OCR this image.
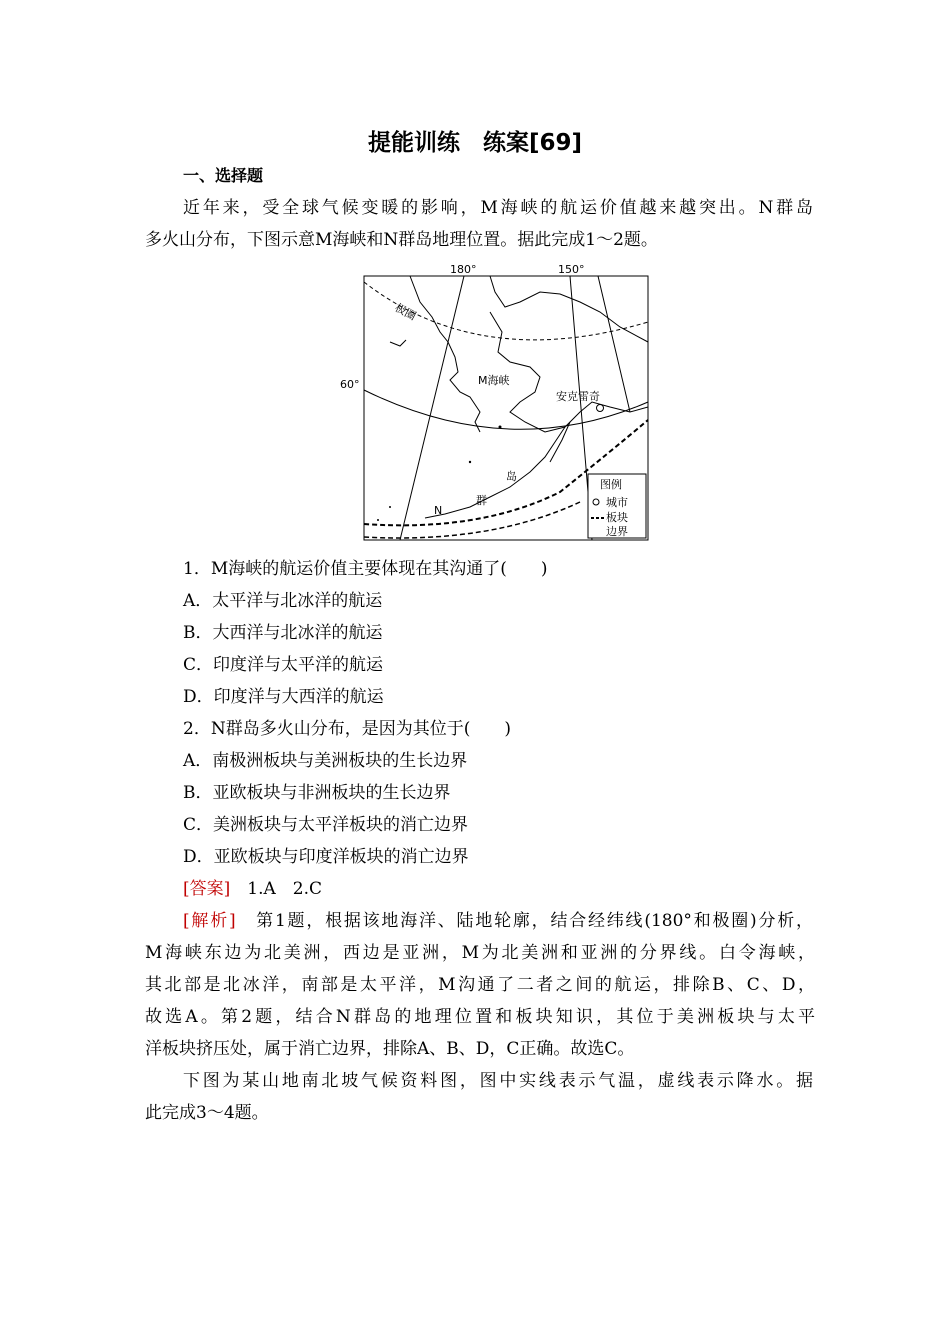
提能训练　练案[69]
一、选择题
近年来，受全球气候变暖的影响，M海峡的航运价值越来越突出。N群岛
多火山分布，下图示意M海峡和N群岛地理位置。据此完成1～2题。
180°	150°
60°
极圈
M海峡
安克雷奇
岛
群
N
图例
城市
板块
边界
1．M海峡的航运价值主要体现在其沟通了(　　)
A．太平洋与北冰洋的航运
B．大西洋与北冰洋的航运
C．印度洋与太平洋的航运
D．印度洋与大西洋的航运
2．N群岛多火山分布，是因为其位于(　　)
A．南极洲板块与美洲板块的生长边界
B．亚欧板块与非洲板块的生长边界
C．美洲板块与太平洋板块的消亡边界
D．亚欧板块与印度洋板块的消亡边界
[答案]　1.A　2.C
[解析]　第1题，根据该地海洋、陆地轮廓，结合经纬线(180°和极圈)分析，
M海峡东边为北美洲，西边是亚洲，M为北美洲和亚洲的分界线。白令海峡，
其北部是北冰洋，南部是太平洋，M沟通了二者之间的航运，排除B、C、D，
故选A。第2题，结合N群岛的地理位置和板块知识，其位于美洲板块与太平
洋板块挤压处，属于消亡边界，排除A、B、D，C正确。故选C。
下图为某山地南北坡气候资料图，图中实线表示气温，虚线表示降水。据
此完成3～4题。
